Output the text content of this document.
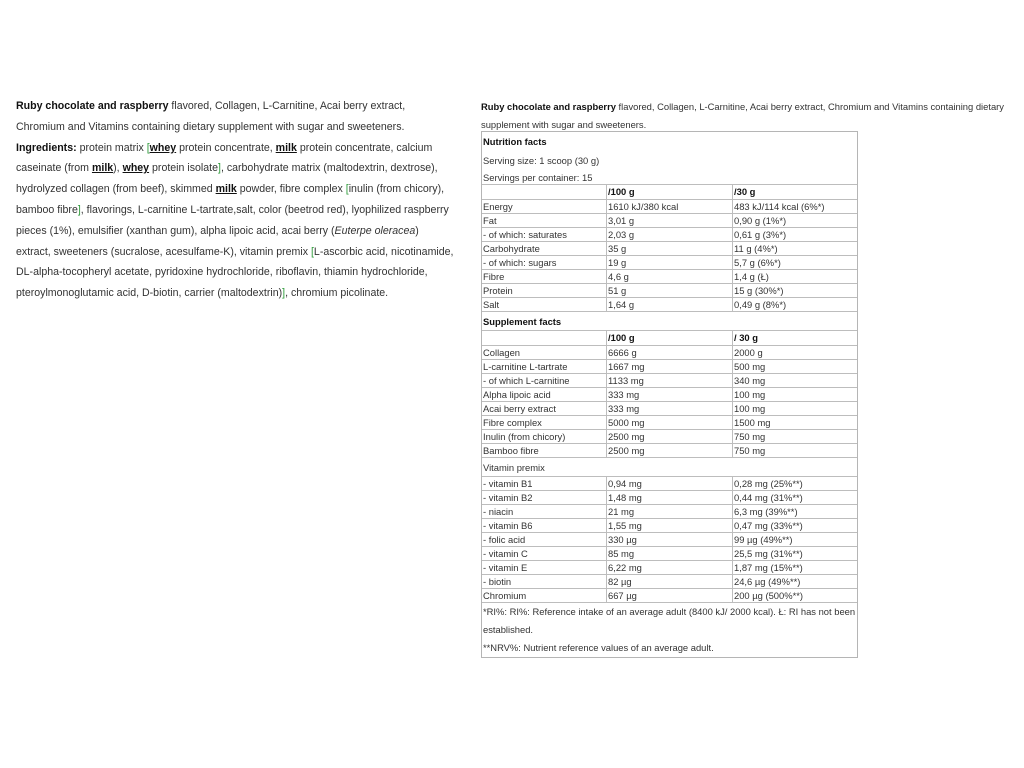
Ruby chocolate and raspberry flavored, Collagen, L-Carnitine, Acai berry extract, Chromium and Vitamins containing dietary supplement with sugar and sweeteners.
Ingredients: protein matrix [whey protein concentrate, milk protein concentrate, calcium caseinate (from milk), whey protein isolate], carbohydrate matrix (maltodextrin, dextrose), hydrolyzed collagen (from beef), skimmed milk powder, fibre complex [inulin (from chicory), bamboo fibre], flavorings, L-carnitine L-tartrate,salt, color (beetrod red), lyophilized raspberry pieces (1%), emulsifier (xanthan gum), alpha lipoic acid, acai berry (Euterpe oleracea) extract, sweeteners (sucralose, acesulfame-K), vitamin premix [L-ascorbic acid, nicotinamide, DL-alpha-tocopheryl acetate, pyridoxine hydrochloride, riboflavin, thiamin hydrochloride, pteroylmonoglutamic acid, D-biotin, carrier (maltodextrin)], chromium picolinate.
Ruby chocolate and raspberry flavored, Collagen, L-Carnitine, Acai berry extract, Chromium and Vitamins containing dietary supplement with sugar and sweeteners.
Nutrition facts
Serving size: 1 scoop (30 g)
Servings per container: 15
/100 g	/30 g
Energy	1610 kJ/380 kcal	483 kJ/114 kcal (6%*)
Fat	3,01 g	0,90 g (1%*)
- of which: saturates	2,03 g	0,61 g (3%*)
Carbohydrate	35 g	11 g (4%*)
- of which: sugars	19 g	5,7 g (6%*)
Fibre	4,6 g	1,4 g (Ł)
Protein	51 g	15 g (30%*)
Salt	1,64 g	0,49 g (8%*)
Supplement facts
/100 g	/ 30 g
Collagen	6666 g	2000 g
L-carnitine L-tartrate	1667 mg	500 mg
- of which L-carnitine	1133 mg	340 mg
Alpha lipoic acid	333 mg	100 mg
Acai berry extract	333 mg	100 mg
Fibre complex	5000 mg	1500 mg
Inulin (from chicory)	2500 mg	750 mg
Bamboo fibre	2500 mg	750 mg
Vitamin premix
- vitamin B1	0,94 mg	0,28 mg (25%**)
- vitamin B2	1,48 mg	0,44 mg (31%**)
- niacin	21 mg	6,3 mg (39%**)
- vitamin B6	1,55 mg	0,47 mg (33%**)
- folic acid	330 µg	99 µg (49%**)
- vitamin C	85 mg	25,5 mg (31%**)
- vitamin E	6,22 mg	1,87 mg (15%**)
- biotin	82 µg	24,6 µg (49%**)
Chromium	667 µg	200 µg (500%**)
*RI%: RI%: Reference intake of an average adult (8400 kJ/ 2000 kcal). Ł: RI has not been established.
**NRV%: Nutrient reference values of an average adult.
